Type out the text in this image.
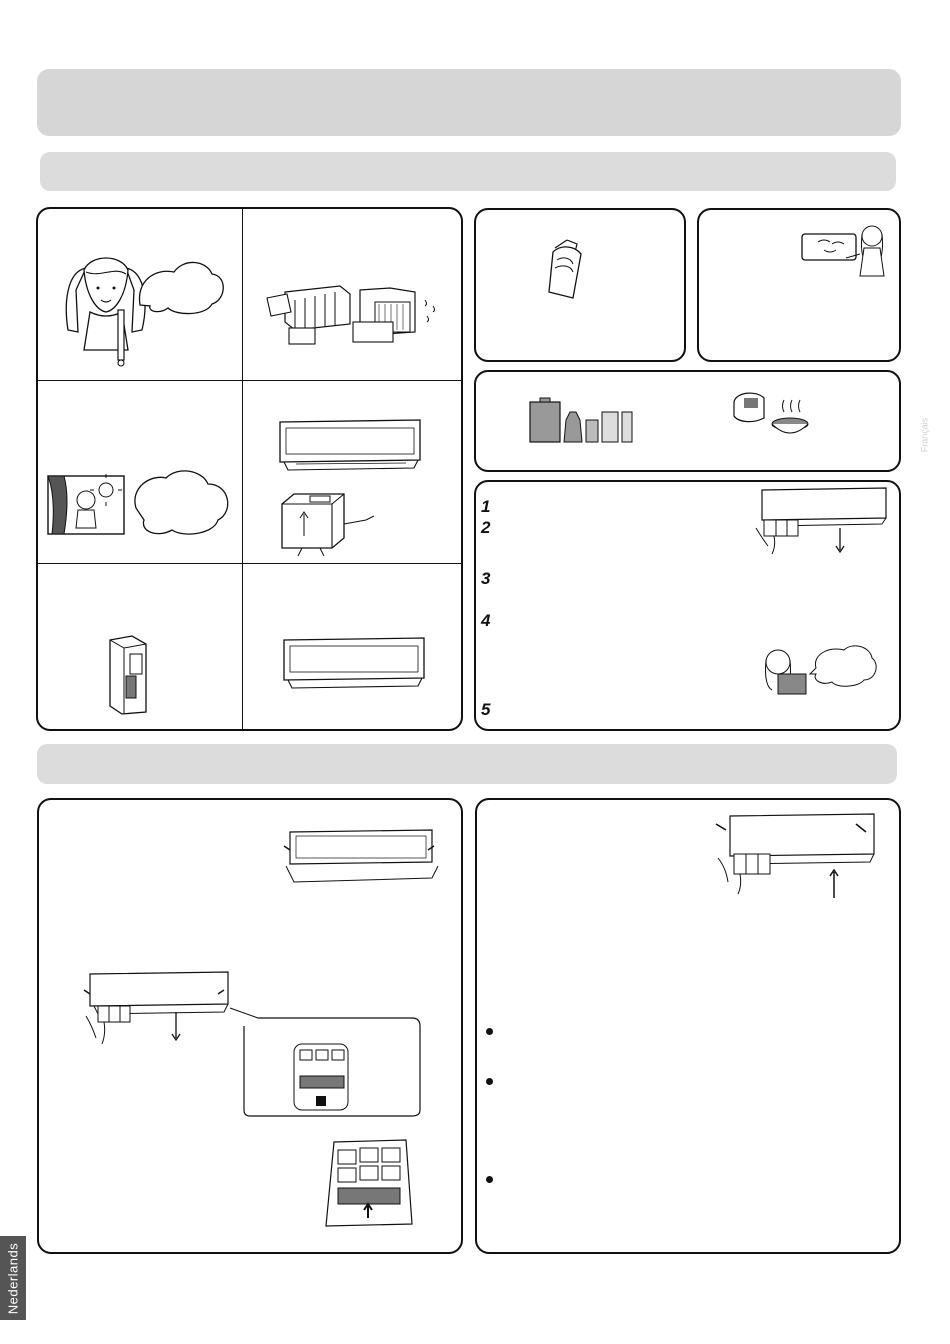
1
2
3
4
5
Français
Nederlands
